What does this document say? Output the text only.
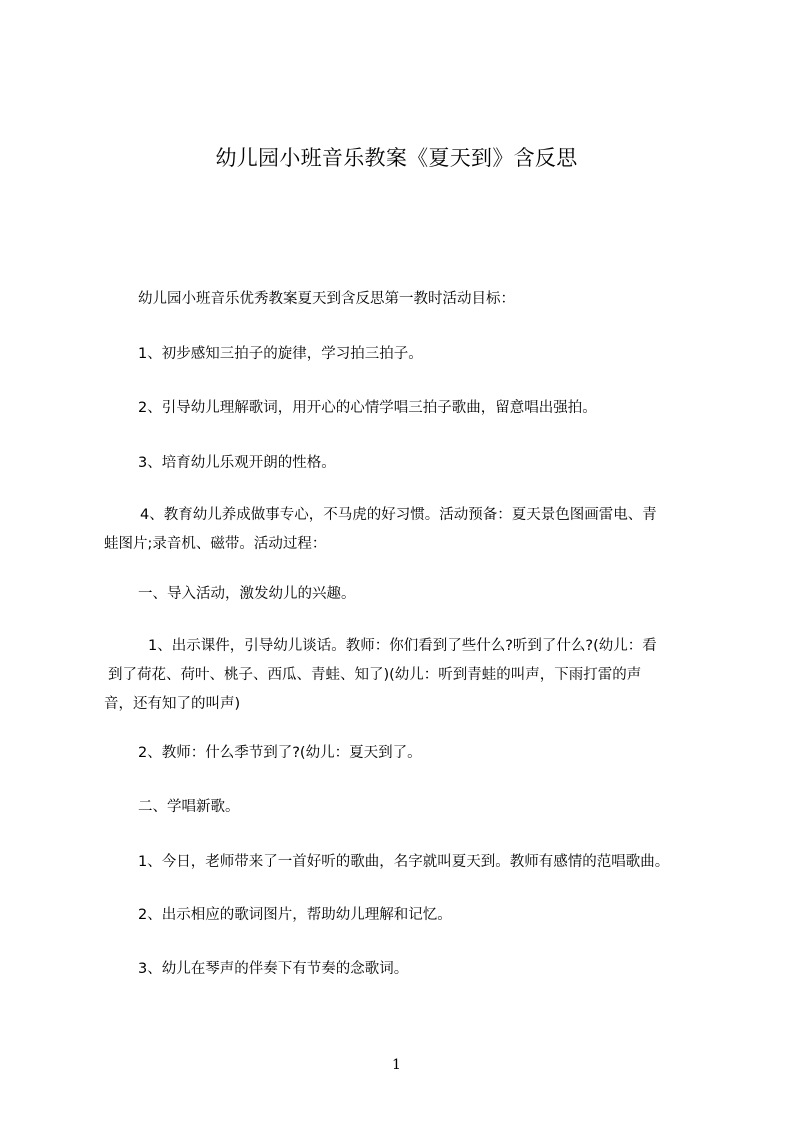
幼儿园小班音乐教案《夏天到》含反思
幼儿园小班音乐优秀教案夏天到含反思第一教时活动目标：
1、初步感知三拍子的旋律，学习拍三拍子。
2、引导幼儿理解歌词，用开心的心情学唱三拍子歌曲，留意唱出强拍。
3、培育幼儿乐观开朗的性格。
4、教育幼儿养成做事专心，不马虎的好习惯。活动预备：夏天景色图画雷电、青
蛙图片;录音机、磁带。活动过程：
一、导入活动，激发幼儿的兴趣。
1、出示课件，引导幼儿谈话。教师：你们看到了些什么?听到了什么?(幼儿：看
到了荷花、荷叶、桃子、西瓜、青蛙、知了)(幼儿：听到青蛙的叫声，下雨打雷的声
音，还有知了的叫声)
2、教师：什么季节到了?(幼儿：夏天到了。
二、学唱新歌。
1、今日，老师带来了一首好听的歌曲，名字就叫夏天到。教师有感情的范唱歌曲。
2、出示相应的歌词图片，帮助幼儿理解和记忆。
3、幼儿在琴声的伴奏下有节奏的念歌词。
1
